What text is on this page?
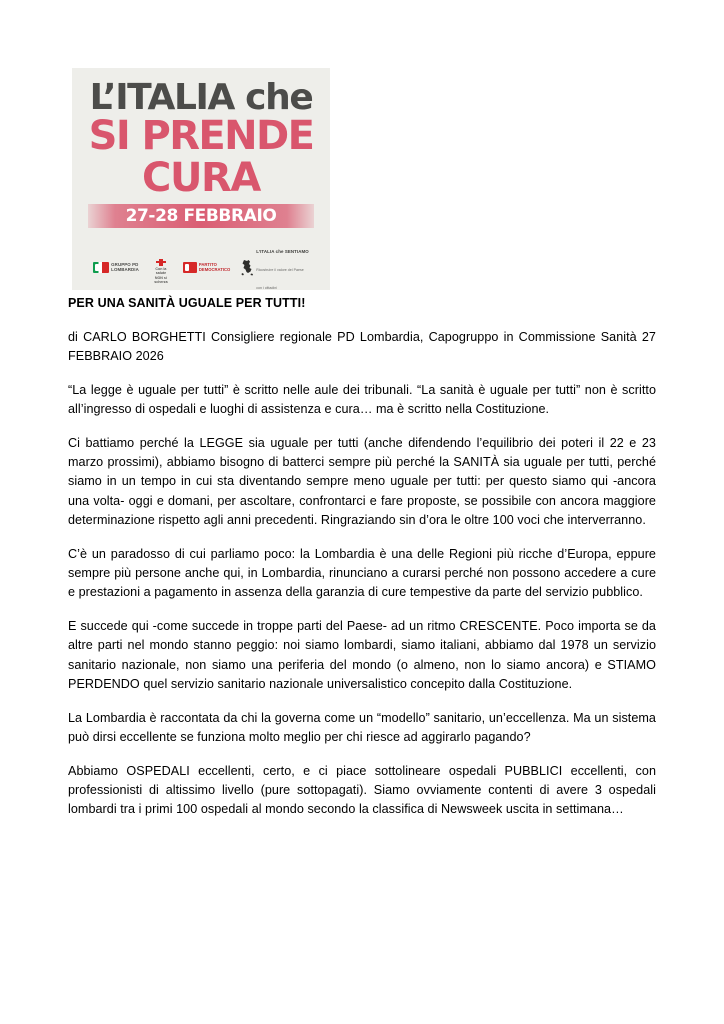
L’ITALIA che
SI PRENDE
CURA
27-28 FEBBRAIO
GRUPPO PD
LOMBARDIA	Con la salute
NON si scherza
PARTITO
DEMOCRATICO
L’ITALIA che SENTIAMO
Ricostruire il valore del Paese
con i cittadini
PER UNA SANITÀ UGUALE PER TUTTI!

di CARLO BORGHETTI Consigliere regionale PD Lombardia, Capogruppo in Commissione Sanità 27 FEBBRAIO 2026

“La legge è uguale per tutti” è scritto nelle aule dei tribunali. “La sanità è uguale per tutti” non è scritto all’ingresso di ospedali e luoghi di assistenza e cura… ma è scritto nella Costituzione.

Ci battiamo perché la LEGGE sia uguale per tutti (anche difendendo l’equilibrio dei poteri il 22 e 23 marzo prossimi), abbiamo bisogno di batterci sempre più perché la SANITÀ sia uguale per tutti, perché siamo in un tempo in cui sta diventando sempre meno uguale per tutti: per questo siamo qui -ancora una volta- oggi e domani, per ascoltare, confrontarci e fare proposte, se possibile con ancora maggiore determinazione rispetto agli anni precedenti. Ringraziando sin d’ora le oltre 100 voci che interverranno.

C’è un paradosso di cui parliamo poco: la Lombardia è una delle Regioni più ricche d’Europa, eppure sempre più persone anche qui, in Lombardia, rinunciano a curarsi perché non possono accedere a cure e prestazioni a pagamento in assenza della garanzia di cure tempestive da parte del servizio pubblico.

E succede qui -come succede in troppe parti del Paese- ad un ritmo CRESCENTE. Poco importa se da altre parti nel mondo stanno peggio: noi siamo lombardi, siamo italiani, abbiamo dal 1978 un servizio sanitario nazionale, non siamo una periferia del mondo (o almeno, non lo siamo ancora) e STIAMO PERDENDO quel servizio sanitario nazionale universalistico concepito dalla Costituzione.

La Lombardia è raccontata da chi la governa come un “modello” sanitario, un’eccellenza. Ma un sistema può dirsi eccellente se funziona molto meglio per chi riesce ad aggirarlo pagando?

Abbiamo OSPEDALI eccellenti, certo, e ci piace sottolineare ospedali PUBBLICI eccellenti, con professionisti di altissimo livello (pure sottopagati). Siamo ovviamente contenti di avere 3 ospedali lombardi tra i primi 100 ospedali al mondo secondo la classifica di Newsweek uscita in settimana…
